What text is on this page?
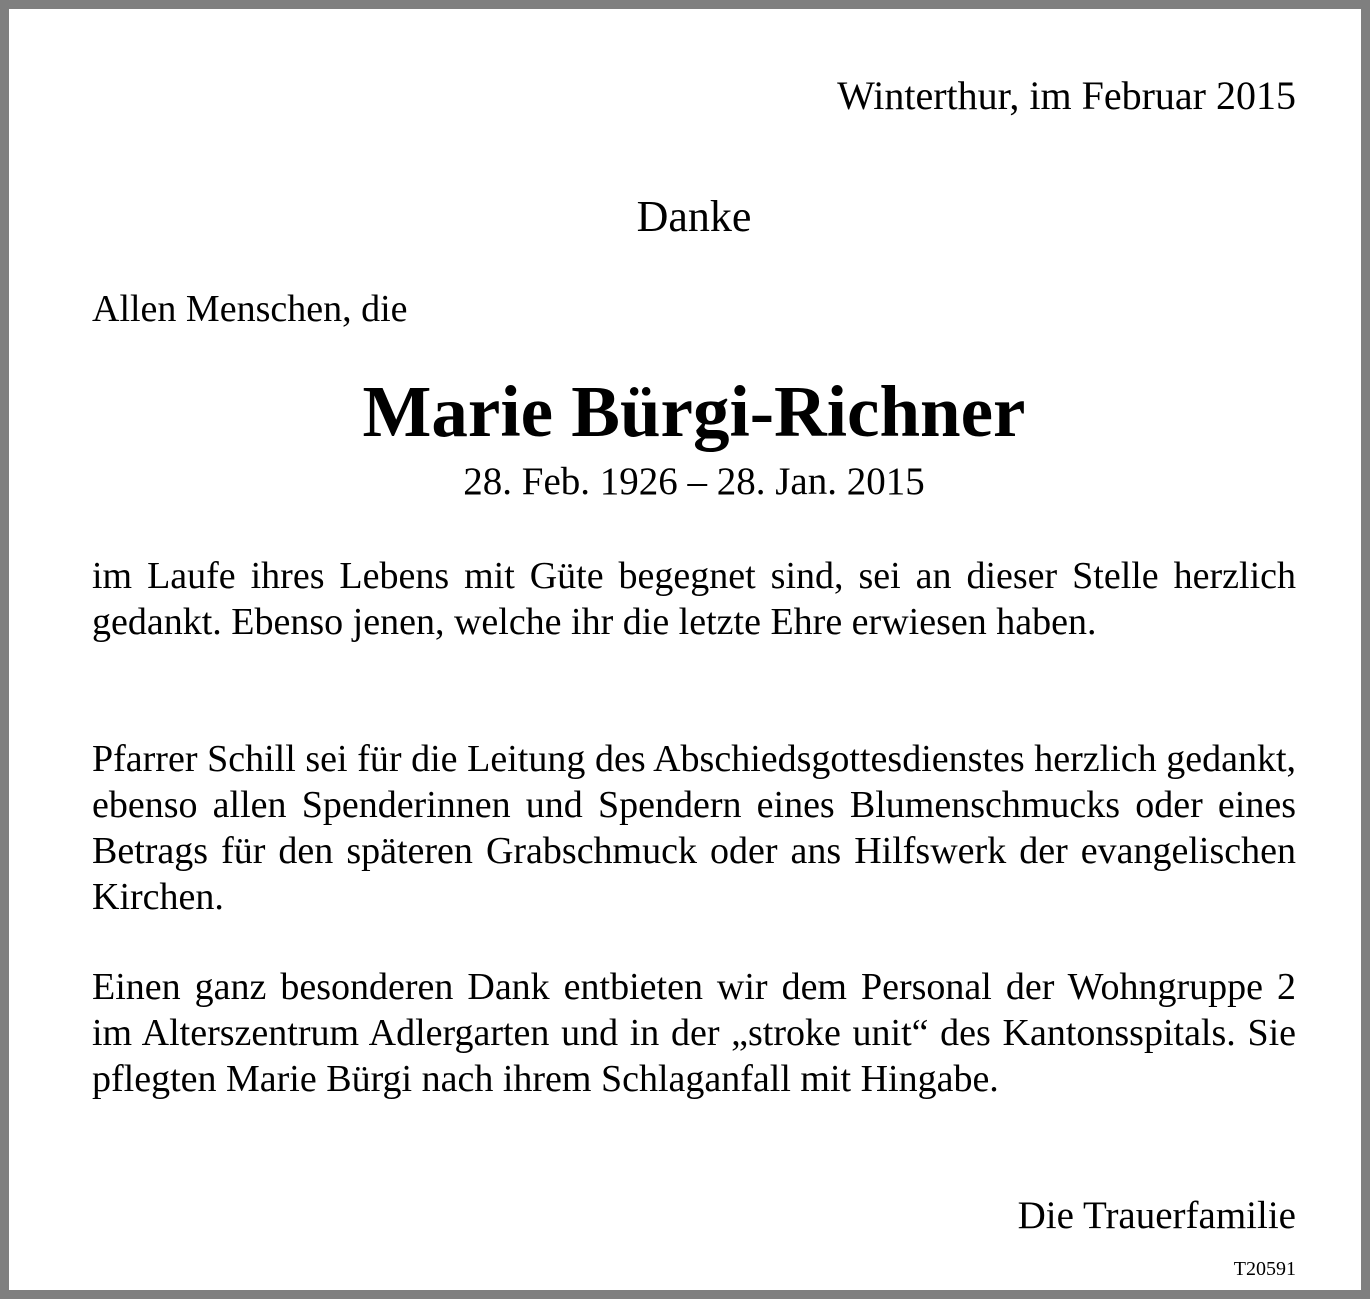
Winterthur, im Februar 2015
Danke
Allen Menschen, die
Marie Bürgi-Richner
28. Feb. 1926 – 28. Jan. 2015

im Laufe ihres Lebens mit Güte begegnet sind, sei an dieser Stelle herzlich gedankt. Ebenso jenen, welche ihr die letzte Ehre erwiesen haben.

Pfarrer Schill sei für die Leitung des Abschiedsgottesdienstes herzlich gedankt, ebenso allen Spenderinnen und Spendern eines Blumenschmucks oder eines Betrags für den späteren Grabschmuck oder ans Hilfswerk der evangelischen Kirchen.

Einen ganz besonderen Dank entbieten wir dem Personal der Wohngruppe 2 im Alterszentrum Adlergarten und in der „stroke unit“ des Kantonsspitals. Sie pflegten Marie Bürgi nach ihrem Schlaganfall mit Hingabe.

Die Trauerfamilie
T20591
